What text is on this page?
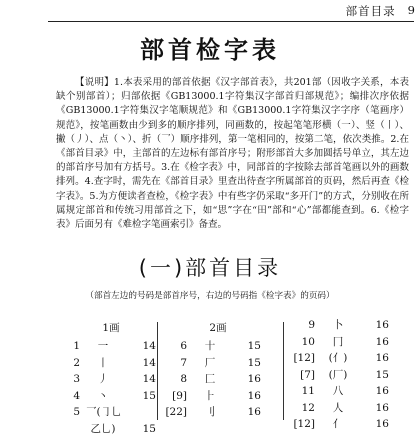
部首目录 9
部首检字表
【说明】1.本表采用的部首依据《汉字部首表》，共201部（因收字关系，本表缺个别部首）；归部依据《GB13000.1字符集汉字部首归部规范》；编排次序依据《GB13000.1字符集汉字笔顺规范》和《GB13000.1字符集汉字字序（笔画序）规范》，按笔画数由少到多的顺序排列，同画数的，按起笔笔形横（一）、竖（丨）、撇（丿）、点（丶）、折（乛）顺序排列，第一笔相同的，按第二笔，依次类推。2.在《部首目录》中，主部首的左边标有部首序号；附形部首大多加圆括号单立，其左边的部首序号加有方括号。3.在《检字表》中，同部首的字按除去部首笔画以外的画数排列。4.查字时，需先在《部首目录》里查出待查字所属部首的页码，然后再查《检字表》。5.为方便读者查检，《检字表》中有些字仍采取“多开门”的方式，分别收在所属规定部首和传统习用部首之下，如“思”字在“田”部和“心”部都能查到。6.《检字表》后面另有《难检字笔画索引》备查。
(一)部首目录
（部首左边的号码是部首序号，右边的号码指《检字表》的页码）
1画
1	一	14
2	丨	14
3	丿	14
4	丶	15
5 乛(㇆乚
乙乚)	15
2画
6	十	15
7	厂	15
8	匚	16
[9]	⺊	16
[22]	刂	16
9	卜	16
10	冂	16
[12]	(亻)	16
[7]	(厂)	15
11	八	16
12	人	16
[12]	亻	16
